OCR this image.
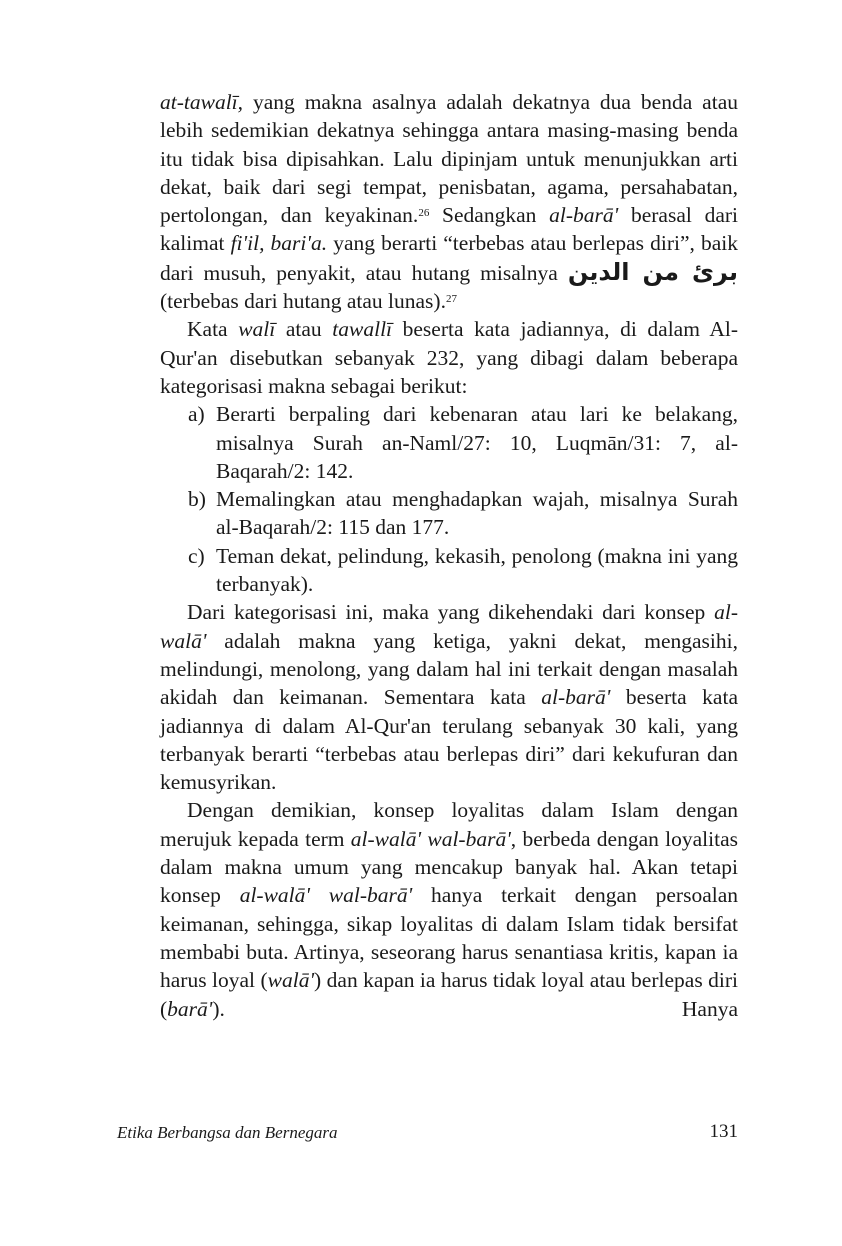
at-tawalī, yang makna asalnya adalah dekatnya dua benda atau lebih sedemikian dekatnya sehingga antara masing-masing benda itu tidak bisa dipisahkan. Lalu dipinjam untuk menunjukkan arti dekat, baik dari segi tempat, penisbatan, agama, persahabatan, pertolongan, dan keyakinan.$^{26}$ Sedangkan al-barā' berasal dari kalimat fi'il, bari'a. yang berarti “terbebas atau berlepas diri”, baik dari musuh, penyakit, atau hutang misalnya برئ من الدين (terbebas dari hutang atau lunas).$^{27}$

Kata walī atau tawallī beserta kata jadiannya, di dalam Al-Qur'an disebutkan sebanyak 232, yang dibagi dalam beberapa kategorisasi makna sebagai berikut:

a) Berarti berpaling dari kebenaran atau lari ke belakang, misalnya Surah an-Naml/27: 10, Luqmān/31: 7, al-Baqarah/2: 142.
b) Memalingkan atau menghadapkan wajah, misalnya Surah al-Baqarah/2: 115 dan 177.
c) Teman dekat, pelindung, kekasih, penolong (makna ini yang terbanyak).

Dari kategorisasi ini, maka yang dikehendaki dari konsep al-walā' adalah makna yang ketiga, yakni dekat, mengasihi, melindungi, menolong, yang dalam hal ini terkait dengan masalah akidah dan keimanan. Sementara kata al-barā' beserta kata jadiannya di dalam Al-Qur'an terulang sebanyak 30 kali, yang terbanyak berarti “terbebas atau berlepas diri” dari kekufuran dan kemusyrikan.

Dengan demikian, konsep loyalitas dalam Islam dengan merujuk kepada term al-walā' wal-barā', berbeda dengan loyalitas dalam makna umum yang mencakup banyak hal. Akan tetapi konsep al-walā' wal-barā' hanya terkait dengan persoalan keimanan, sehingga, sikap loyalitas di dalam Islam tidak bersifat membabi buta. Artinya, seseorang harus senantiasa kritis, kapan ia harus loyal (walā') dan kapan ia harus tidak loyal atau berlepas diri (barā'). Hanya

Etika Berbangsa dan Bernegara	131
